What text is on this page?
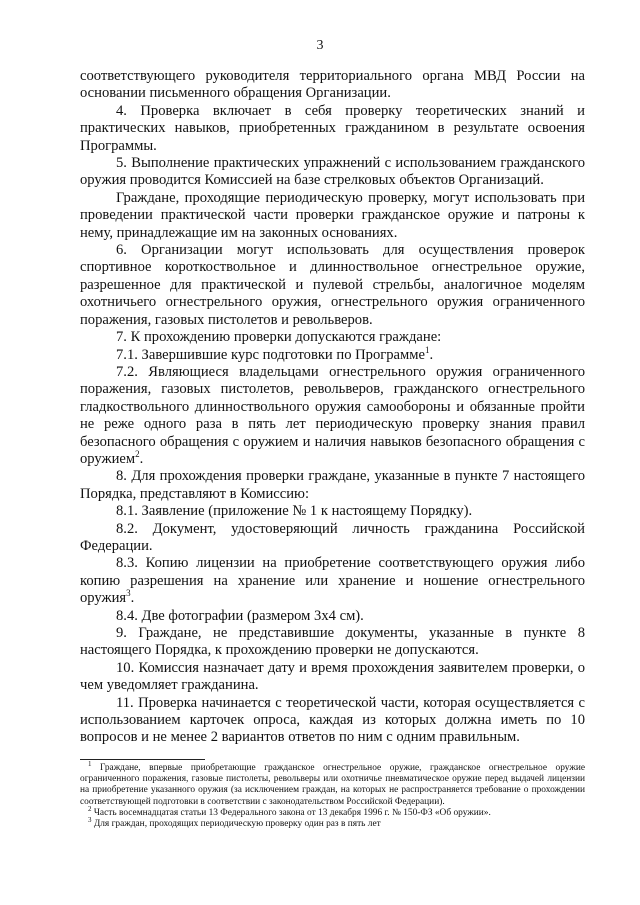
3

соответствующего руководителя территориального органа МВД России на основании письменного обращения Организации.

4. Проверка включает в себя проверку теоретических знаний и практических навыков, приобретенных гражданином в результате освоения Программы.

5. Выполнение практических упражнений с использованием гражданского оружия проводится Комиссией на базе стрелковых объектов Организаций.

Граждане, проходящие периодическую проверку, могут использовать при проведении практической части проверки гражданское оружие и патроны к нему, принадлежащие им на законных основаниях.

6. Организации могут использовать для осуществления проверок спортивное короткоствольное и длинноствольное огнестрельное оружие, разрешенное для практической и пулевой стрельбы, аналогичное моделям охотничьего огнестрельного оружия, огнестрельного оружия ограниченного поражения, газовых пистолетов и револьверов.

7. К прохождению проверки допускаются граждане:

7.1. Завершившие курс подготовки по Программе$^1$.

7.2. Являющиеся владельцами огнестрельного оружия ограниченного поражения, газовых пистолетов, револьверов, гражданского огнестрельного гладкоствольного длинноствольного оружия самообороны и обязанные пройти не реже одного раза в пять лет периодическую проверку знания правил безопасного обращения с оружием и наличия навыков безопасного обращения с оружием$^2$.

8. Для прохождения проверки граждане, указанные в пункте 7 настоящего Порядка, представляют в Комиссию:

8.1. Заявление (приложение № 1 к настоящему Порядку).

8.2. Документ, удостоверяющий личность гражданина Российской Федерации.

8.3. Копию лицензии на приобретение соответствующего оружия либо копию разрешения на хранение или хранение и ношение огнестрельного оружия$^3$.

8.4. Две фотографии (размером 3х4 см).

9. Граждане, не представившие документы, указанные в пункте 8 настоящего Порядка, к прохождению проверки не допускаются.

10. Комиссия назначает дату и время прохождения заявителем проверки, о чем уведомляет гражданина.

11. Проверка начинается с теоретической части, которая осуществляется с использованием карточек опроса, каждая из которых должна иметь по 10 вопросов и не менее 2 вариантов ответов по ним с одним правильным.

$^1$ Граждане, впервые приобретающие гражданское огнестрельное оружие, гражданское огнестрельное оружие ограниченного поражения, газовые пистолеты, револьверы или охотничье пневматическое оружие перед выдачей лицензии на приобретение указанного оружия (за исключением граждан, на которых не распространяется требование о прохождении соответствующей подготовки в соответствии с законодательством Российской Федерации).

$^2$ Часть восемнадцатая статьи 13 Федерального закона от 13 декабря 1996 г. № 150-ФЗ «Об оружии».

$^3$ Для граждан, проходящих периодическую проверку один раз в пять лет
